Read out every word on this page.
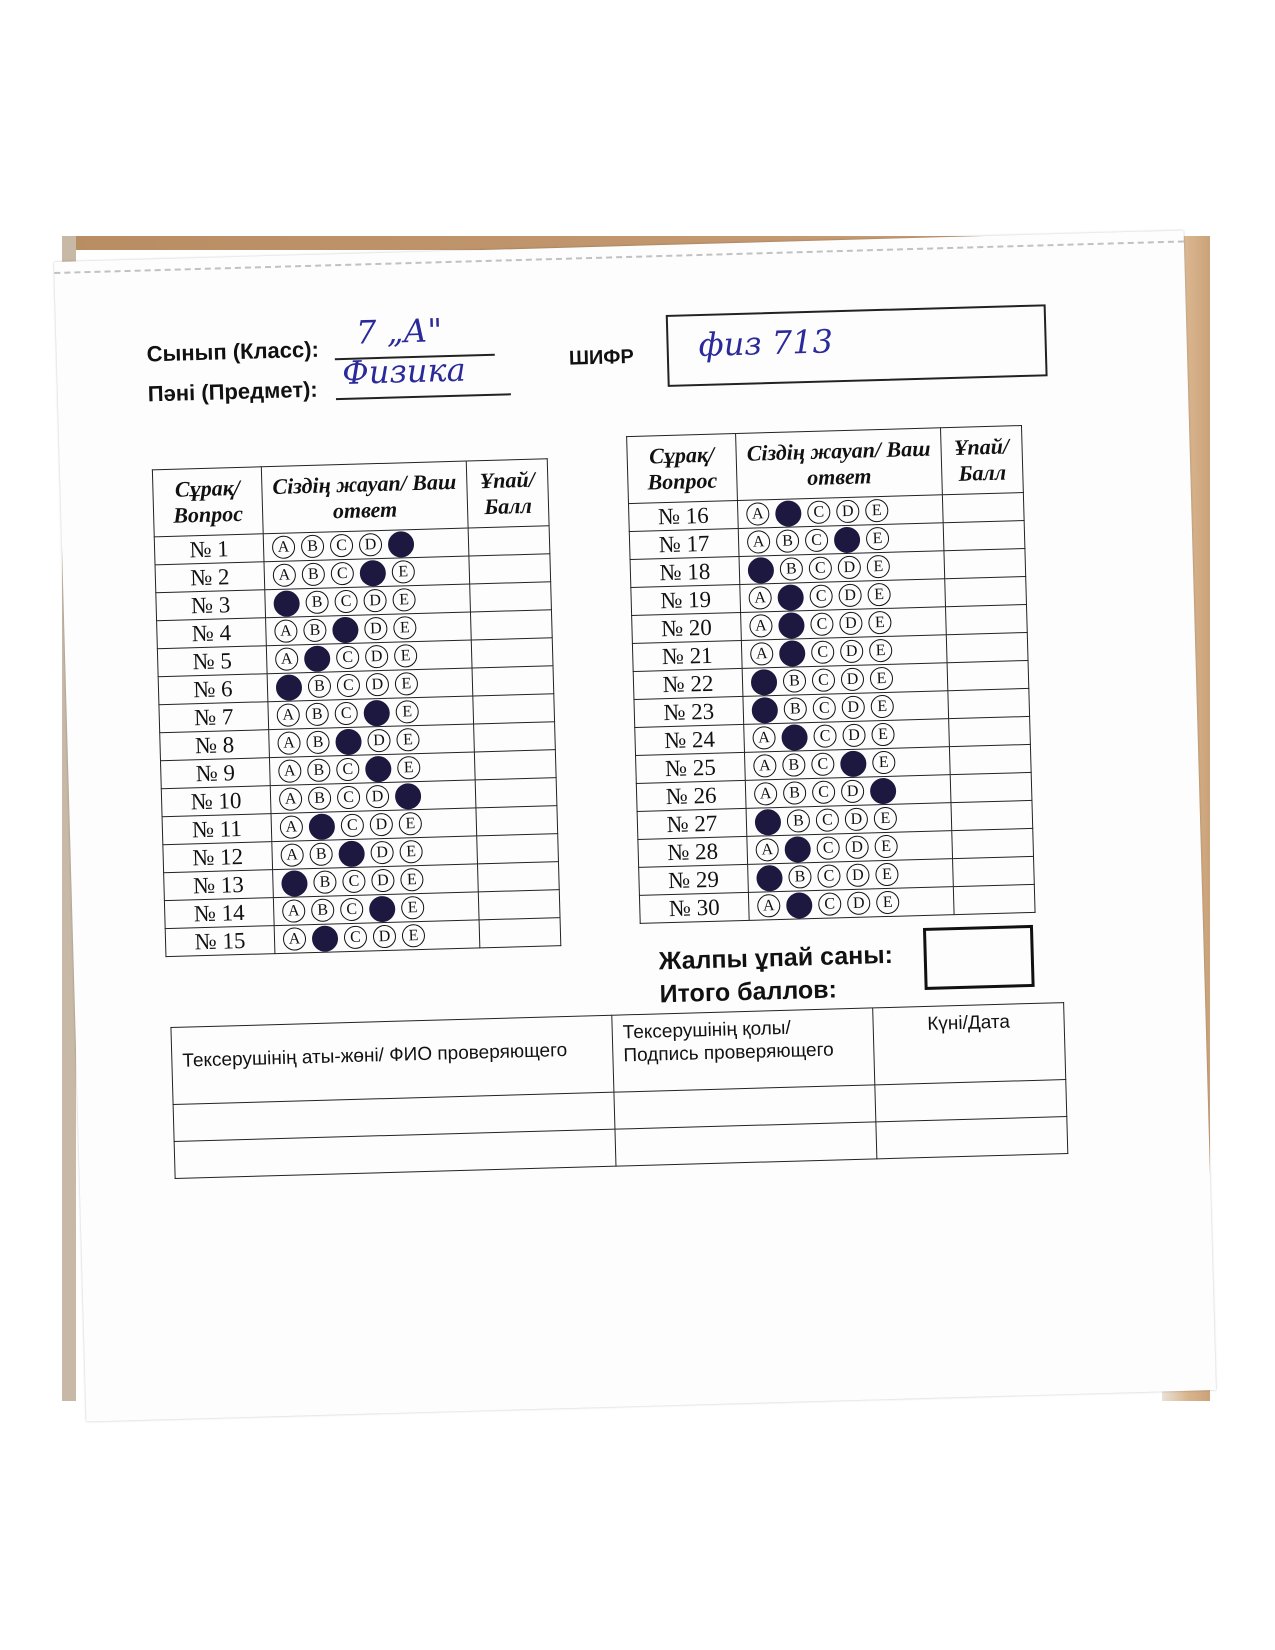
Сынып (Класс): 7 „А"
Пәні (Предмет): Физика	ШИФР физ 713
Сұрақ/ Вопрос	Сіздің жауап/ Ваш ответ	Ұпай/ Балл
№ 1	A B C D	

№ 2	A B C E	

№ 3	B C D E	

№ 4	A B D E	

№ 5	A C D E	

№ 6	B C D E	

№ 7	A B C E	

№ 8	A B D E	

№ 9	A B C E	

№ 10	A B C D	

№ 11	A C D E	

№ 12	A B D E	

№ 13	B C D E	

№ 14	A B C E	

№ 15	A C D E	

Сұрақ/ Вопрос	Сіздің жауап/ Ваш ответ	Ұпай/ Балл
№ 16	A C D E	

№ 17	A B C E	

№ 18	B C D E	

№ 19	A C D E	

№ 20	A C D E	

№ 21	A C D E	

№ 22	B C D E	

№ 23	B C D E	

№ 24	A C D E	

№ 25	A B C E	

№ 26	A B C D	

№ 27	B C D E	

№ 28	A C D E	

№ 29	B C D E	

№ 30	A C D E	

Жалпы ұпай саны:
Итого баллов:
Тексерушінің аты-жөні/ ФИО проверяющего	Тексерушінің қолы/ Подпись проверяющего	Күні/Дата
